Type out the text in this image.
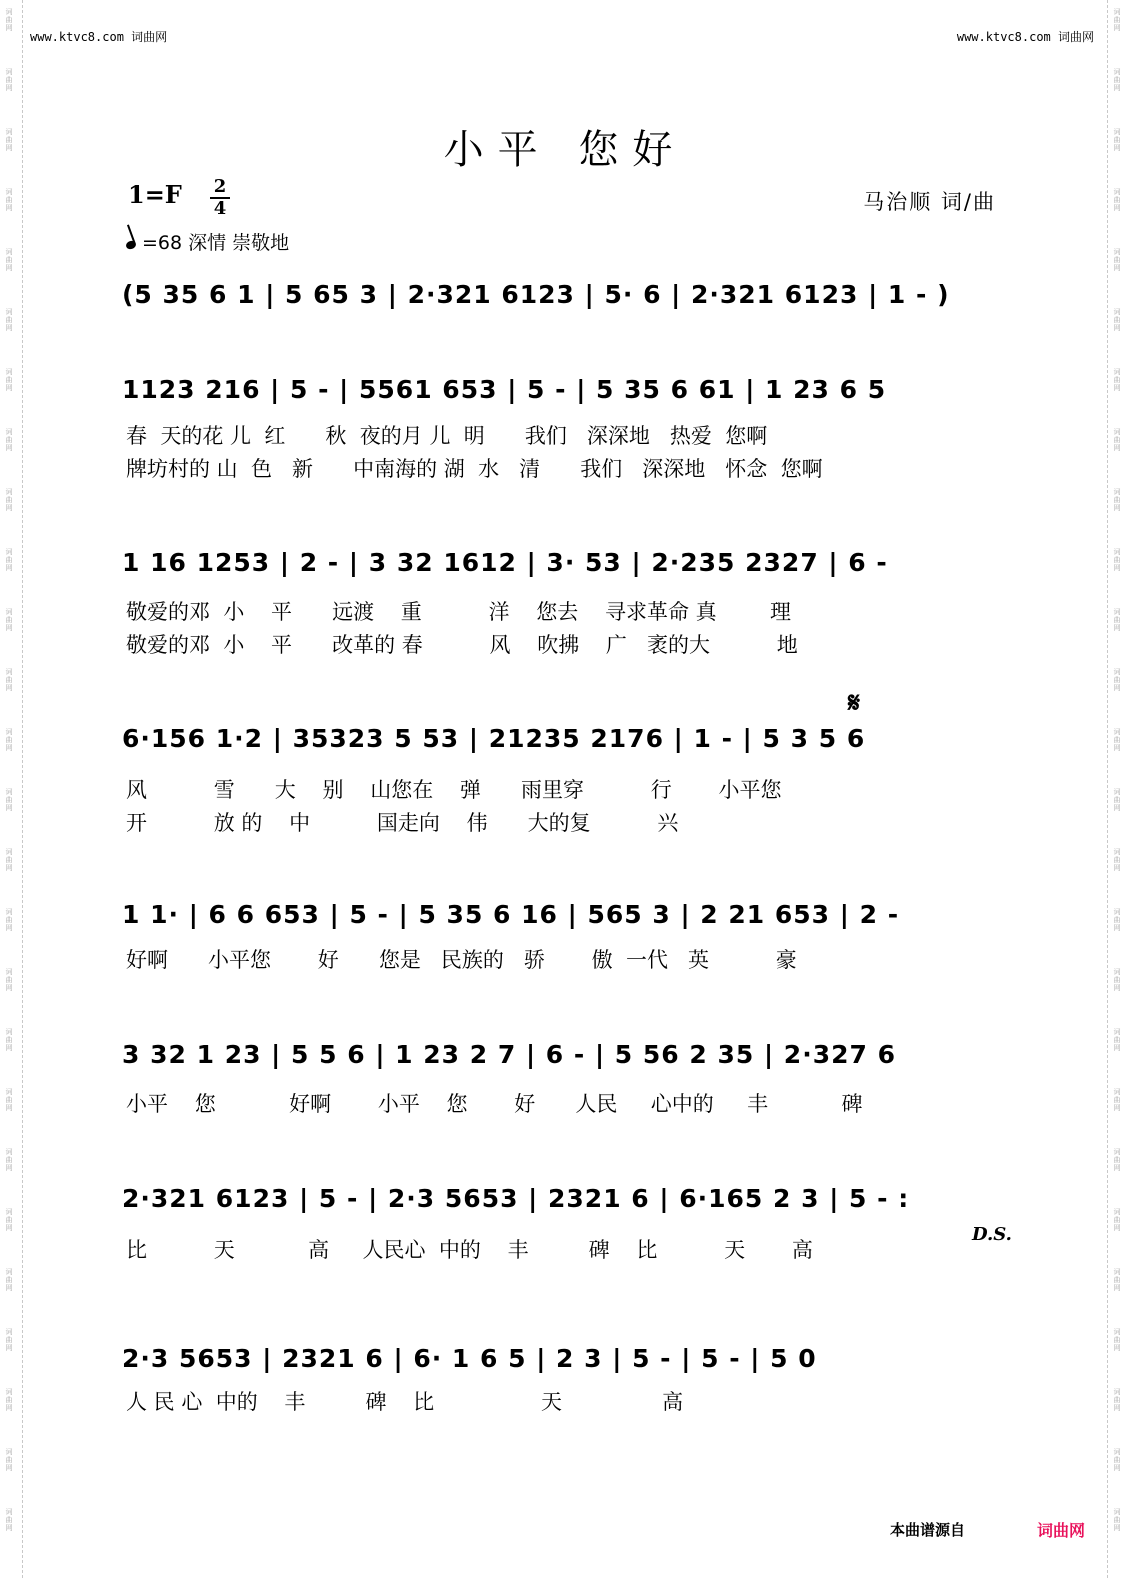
词曲网
词曲网
词曲网
词曲网
词曲网
词曲网
词曲网
词曲网
词曲网
词曲网
词曲网
词曲网
词曲网
词曲网
词曲网
词曲网
词曲网
词曲网
词曲网
词曲网
词曲网
词曲网
词曲网
词曲网
词曲网
词曲网
词曲网
词曲网
词曲网
词曲网
词曲网
词曲网
词曲网
词曲网
词曲网
词曲网
词曲网
词曲网
词曲网
词曲网
词曲网
词曲网
词曲网
词曲网
词曲网
词曲网
词曲网
词曲网
词曲网
词曲网
词曲网
词曲网
www.ktvc8.com 词曲网	www.ktvc8.com 词曲网
小平 您好
1=F 2
4	马治顺 词/曲
=68 深情 崇敬地
(5 35 6 1 | 5 65 3 | 2·321 6123 | 5· 6 | 2·321 6123 | 1 - )
1123 216 | 5 - | 5561 653 | 5 - | 5 35 6 61 | 1 23 6 5
春  天的花 儿  红      秋  夜的月 儿  明      我们   深深地   热爱  您啊
牌坊村的 山  色   新      中南海的 湖  水   清      我们   深深地   怀念  您啊
1 16 1253 | 2 - | 3 32 1612 | 3· 53 | 2·235 2327 | 6 -
敬爱的邓  小    平      远渡    重          洋    您去    寻求革命 真        理
敬爱的邓  小    平      改革的 春          风    吹拂    广   袤的大          地
𝄋
6·156 1·2 | 35323 5 53 | 21235 2176 | 1 - | 5 3 5 6
风          雪      大    别    山您在    弹      雨里穿          行       小平您
开          放 的    中          国走向    伟      大的复          兴
1 1· | 6 6 653 | 5 - | 5 35 6 16 | 565 3 | 2 21 653 | 2 -
好啊      小平您       好      您是   民族的   骄       傲  一代   英          豪
3 32 1 23 | 5 5 6 | 1 23 2 7 | 6 - | 5 56 2 35 | 2·327 6
小平    您           好啊       小平    您       好      人民     心中的     丰           碑
2·321 6123 | 5 - | 2·3 5653 | 2321 6 | 6·165 2 3 | 5 - :
比          天           高     人民心  中的    丰         碑    比          天       高
D.S.
2·3 5653 | 2321 6 | 6· 1 6 5 | 2 3 | 5 - | 5 - | 5 0
人 民 心  中的    丰         碑    比                天               高
本曲谱源自	词曲网
